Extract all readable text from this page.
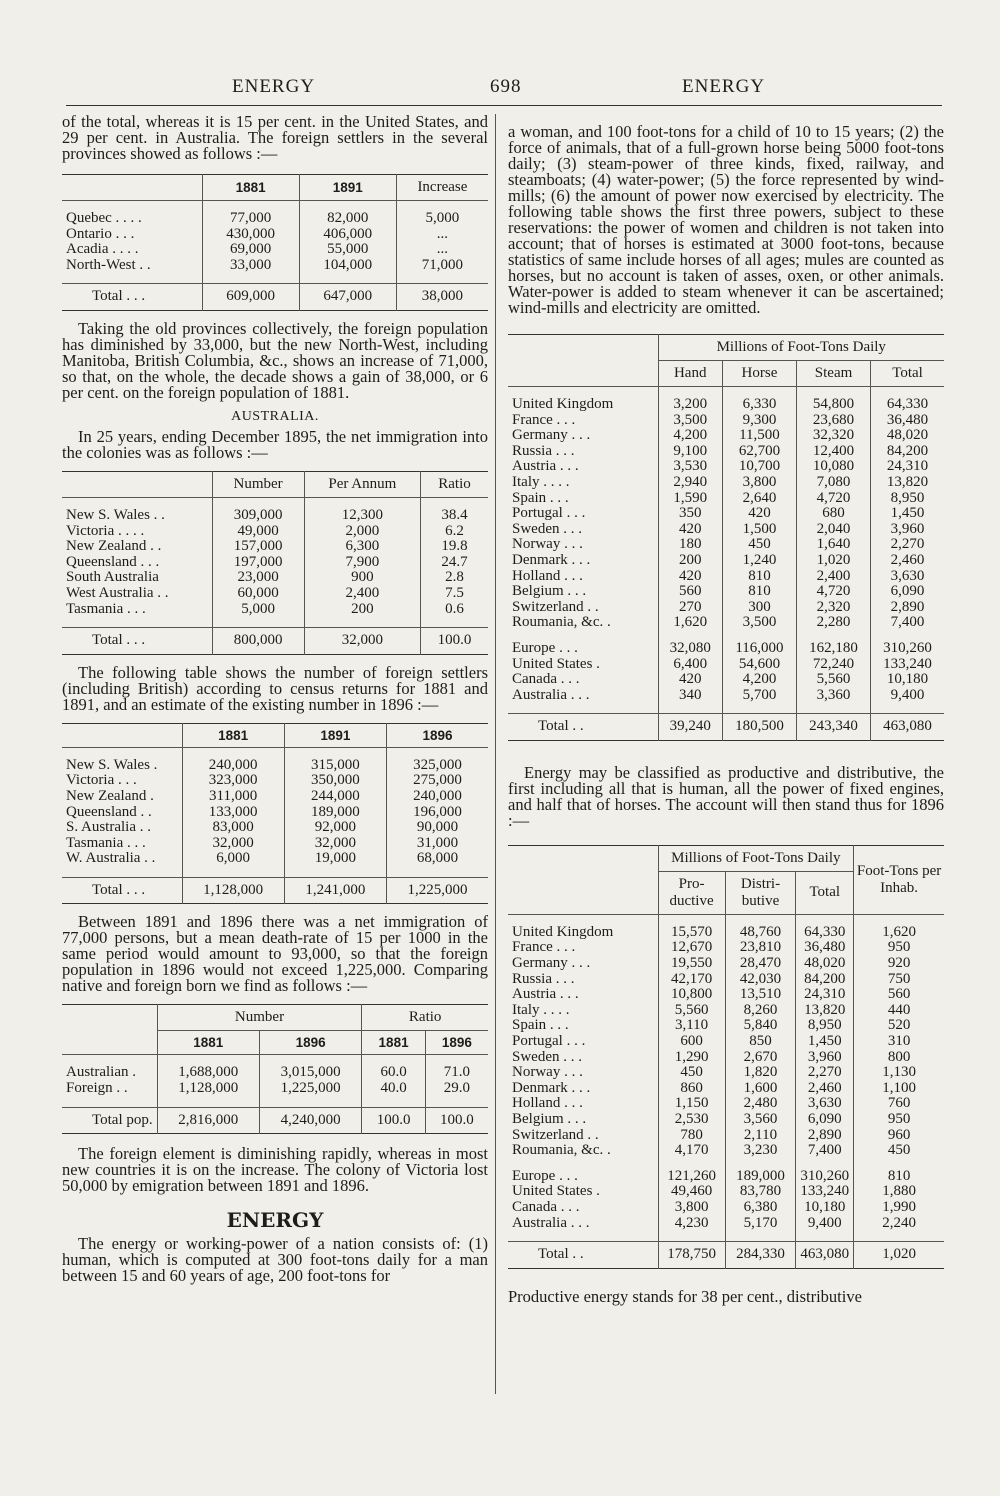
ENERGY	698	ENERGY

of the total, whereas it is 15 per cent. in the United States, and 29 per cent. in Australia. The foreign settlers in the several provinces showed as follows :—

	1881	1891	Increase

Quebec . . . .	77,000	82,000	5,000
Ontario . . .	430,000	406,000	...
Acadia . . . .	69,000	55,000	...
North-West . .	33,000	104,000	71,000

Total . . .	609,000	647,000	38,000

Taking the old provinces collectively, the foreign population has diminished by 33,000, but the new North-West, including Manitoba, British Columbia, &c., shows an increase of 71,000, so that, on the whole, the decade shows a gain of 38,000, or 6 per cent. on the foreign population of 1881.

AUSTRALIA.

In 25 years, ending December 1895, the net immigration into the colonies was as follows :—

	Number	Per Annum	Ratio

New S. Wales . .	309,000	12,300	38.4
Victoria . . . .	49,000	2,000	6.2
New Zealand . .	157,000	6,300	19.8
Queensland . . .	197,000	7,900	24.7
South Australia	23,000	900	2.8
West Australia . .	60,000	2,400	7.5
Tasmania . . .	5,000	200	0.6

Total . . .	800,000	32,000	100.0

The following table shows the number of foreign settlers (including British) according to census returns for 1881 and 1891, and an estimate of the existing number in 1896 :—

	1881	1891	1896

New S. Wales .	240,000	315,000	325,000
Victoria . . .	323,000	350,000	275,000
New Zealand .	311,000	244,000	240,000
Queensland . .	133,000	189,000	196,000
S. Australia . .	83,000	92,000	90,000
Tasmania . . .	32,000	32,000	31,000
W. Australia . .	6,000	19,000	68,000

Total . . .	1,128,000	1,241,000	1,225,000

Between 1891 and 1896 there was a net immigration of 77,000 persons, but a mean death-rate of 15 per 1000 in the same period would amount to 93,000, so that the foreign population in 1896 would not exceed 1,225,000. Comparing native and foreign born we find as follows :—

	Number		Ratio	
	1881	1896	1881	1896

Australian .	1,688,000	3,015,000	60.0	71.0
Foreign . .	1,128,000	1,225,000	40.0	29.0

Total pop.	2,816,000	4,240,000	100.0	100.0

The foreign element is diminishing rapidly, whereas in most new countries it is on the increase. The colony of Victoria lost 50,000 by emigration between 1891 and 1896.

ENERGY

The energy or working-power of a nation consists of: (1) human, which is computed at 300 foot-tons daily for a man between 15 and 60 years of age, 200 foot-tons for

a woman, and 100 foot-tons for a child of 10 to 15 years; (2) the force of animals, that of a full-grown horse being 5000 foot-tons daily; (3) steam-power of three kinds, fixed, railway, and steamboats; (4) water-power; (5) the force represented by wind-mills; (6) the amount of power now exercised by electricity. The following table shows the first three powers, subject to these reservations: the power of women and children is not taken into account; that of horses is estimated at 3000 foot-tons, because statistics of same include horses of all ages; mules are counted as horses, but no account is taken of asses, oxen, or other animals. Water-power is added to steam whenever it can be ascertained; wind-mills and electricity are omitted.

	Millions of Foot-Tons Daily			
	Hand	Horse	Steam	Total

United Kingdom	3,200	6,330	54,800	64,330
France . . .	3,500	9,300	23,680	36,480
Germany . . .	4,200	11,500	32,320	48,020
Russia . . .	9,100	62,700	12,400	84,200
Austria . . .	3,530	10,700	10,080	24,310
Italy . . . .	2,940	3,800	7,080	13,820
Spain . . .	1,590	2,640	4,720	8,950
Portugal . . .	350	420	680	1,450
Sweden . . .	420	1,500	2,040	3,960
Norway . . .	180	450	1,640	2,270
Denmark . . .	200	1,240	1,020	2,460
Holland . . .	420	810	2,400	3,630
Belgium . . .	560	810	4,720	6,090
Switzerland . .	270	300	2,320	2,890
Roumania, &c. .	1,620	3,500	2,280	7,400

Europe . . .	32,080	116,000	162,180	310,260
United States .	6,400	54,600	72,240	133,240
Canada . . .	420	4,200	5,560	10,180
Australia . . .	340	5,700	3,360	9,400

Total . .	39,240	180,500	243,340	463,080

Energy may be classified as productive and distributive, the first including all that is human, all the power of fixed engines, and half that of horses. The account will then stand thus for 1896 :—

	Millions of Foot-Tons Daily			Foot-Tons per Inhab.
	Pro-ductive	Distri-butive	Total	

United Kingdom	15,570	48,760	64,330	1,620
France . . .	12,670	23,810	36,480	950
Germany . . .	19,550	28,470	48,020	920
Russia . . .	42,170	42,030	84,200	750
Austria . . .	10,800	13,510	24,310	560
Italy . . . .	5,560	8,260	13,820	440
Spain . . .	3,110	5,840	8,950	520
Portugal . . .	600	850	1,450	310
Sweden . . .	1,290	2,670	3,960	800
Norway . . .	450	1,820	2,270	1,130
Denmark . . .	860	1,600	2,460	1,100
Holland . . .	1,150	2,480	3,630	760
Belgium . . .	2,530	3,560	6,090	950
Switzerland . .	780	2,110	2,890	960
Roumania, &c. .	4,170	3,230	7,400	450

Europe . . .	121,260	189,000	310,260	810
United States .	49,460	83,780	133,240	1,880
Canada . . .	3,800	6,380	10,180	1,990
Australia . . .	4,230	5,170	9,400	2,240

Total . .	178,750	284,330	463,080	1,020

Productive energy stands for 38 per cent., distributive
